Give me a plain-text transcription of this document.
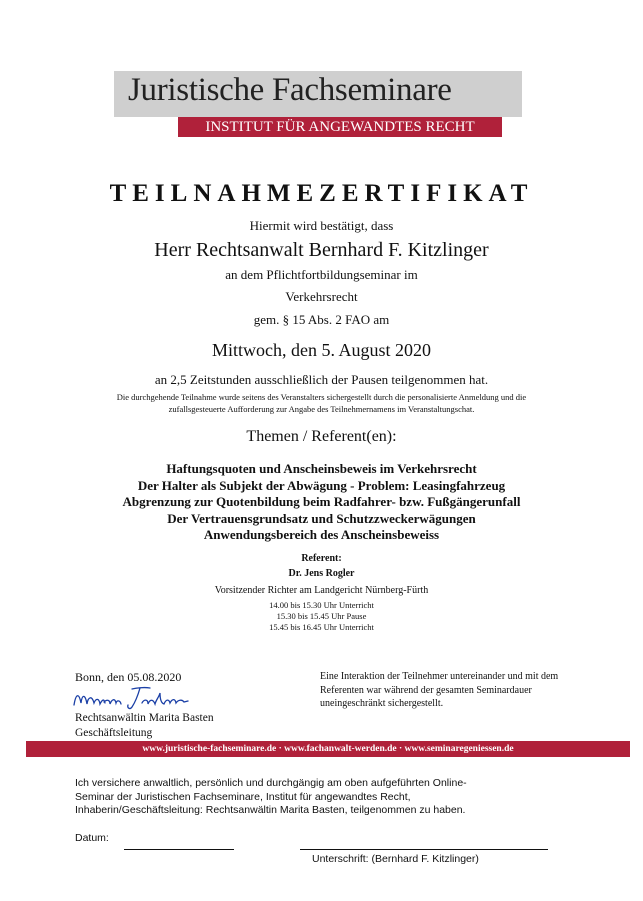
Juristische Fachseminare
INSTITUT FÜR ANGEWANDTES RECHT
TEILNAHMEZERTIFIKAT
Hiermit wird bestätigt, dass
Herr Rechtsanwalt Bernhard F. Kitzlinger
an dem Pflichtfortbildungseminar im
Verkehrsrecht
gem. § 15 Abs. 2 FAO am
Mittwoch, den 5. August 2020
an 2,5 Zeitstunden ausschließlich der Pausen teilgenommen hat.
Die durchgehende Teilnahme wurde seitens des Veranstalters sichergestellt durch die personalisierte Anmeldung und die
zufallsgesteuerte Aufforderung zur Angabe des Teilnehmernamens im Veranstaltungschat.
Themen / Referent(en):
Haftungsquoten und Anscheinsbeweis im Verkehrsrecht
Der Halter als Subjekt der Abwägung - Problem: Leasingfahrzeug
Abgrenzung zur Quotenbildung beim Radfahrer- bzw. Fußgängerunfall
Der Vertrauensgrundsatz und Schutzzweckerwägungen
Anwendungsbereich des Anscheinsbeweiss
Referent:
Dr. Jens Rogler
Vorsitzender Richter am Landgericht Nürnberg-Fürth
14.00 bis 15.30 Uhr Unterricht
15.30 bis 15.45 Uhr Pause
15.45 bis 16.45 Uhr Unterricht
Bonn, den 05.08.2020
Rechtsanwältin Marita Basten
Geschäftsleitung
Eine Interaktion der Teilnehmer untereinander und mit dem
Referenten war während der gesamten Seminardauer
uneingeschränkt sichergestellt.
www.juristische-fachseminare.de · www.fachanwalt-werden.de · www.seminaregeniessen.de
Ich versichere anwaltlich, persönlich und durchgängig am oben aufgeführten Online-
Seminar der Juristischen Fachseminare, Institut für angewandtes Recht,
Inhaberin/Geschäftsleitung: Rechtsanwältin Marita Basten, teilgenommen zu haben.
Datum:
Unterschrift: (Bernhard F. Kitzlinger)
